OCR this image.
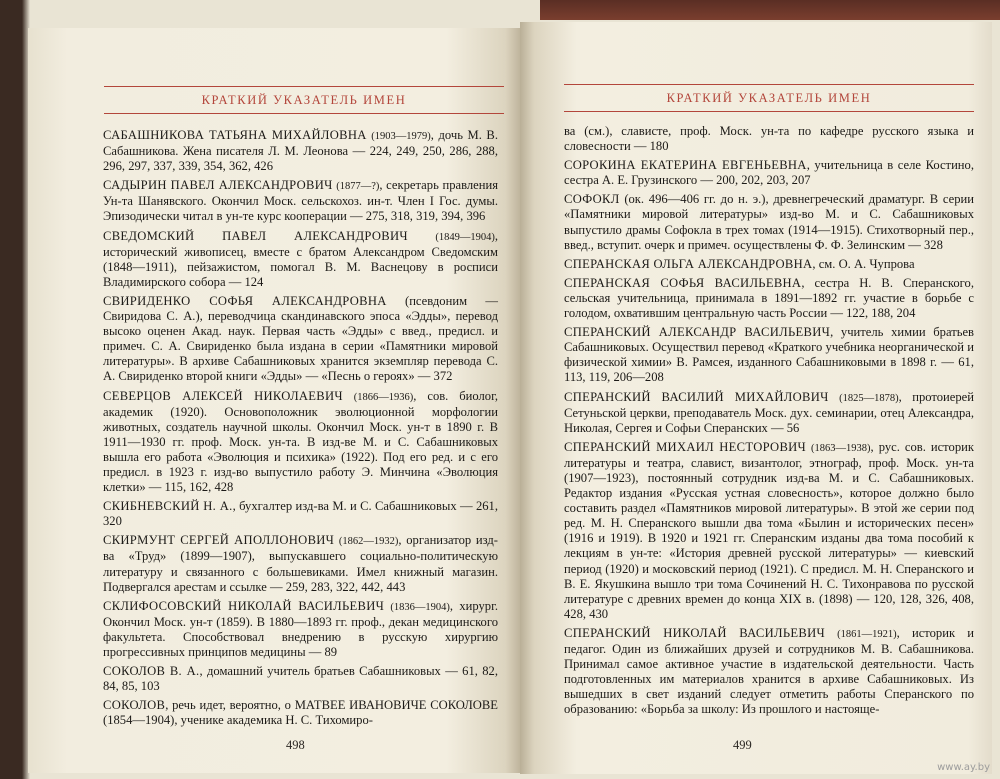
КРАТКИЙ УКАЗАТЕЛЬ ИМЕН

САБАШНИКОВА ТАТЬЯНА МИХАЙЛОВНА (1903—1979), дочь М. В. Сабашникова. Жена писателя Л. М. Леонова — 224, 249, 250, 286, 288, 296, 297, 337, 339, 354, 362, 426

САДЫРИН ПАВЕЛ АЛЕКСАНДРОВИЧ (1877—?), секретарь правления Ун-та Шанявского. Окончил Моск. сельскохоз. ин-т. Член I Гос. думы. Эпизодически читал в ун-те курс кооперации — 275, 318, 319, 394, 396

СВЕДОМСКИЙ ПАВЕЛ АЛЕКСАНДРОВИЧ	(1849—1904), исторический живописец, вместе с братом Александром Сведомским (1848—1911), пейзажистом, помогал В. М. Васнецову в росписи Владимирского собора — 124

СВИРИДЕНКО СОФЬЯ АЛЕКСАНДРОВНА (псевдоним — Свиридова С. А.), переводчица скандинавского эпоса «Эдды», перевод высоко оценен Акад. наук. Первая часть «Эдды» с введ., предисл. и примеч. С. А. Свириденко была издана в серии «Памятники мировой литературы». В архиве Сабашниковых хранится экземпляр перевода С. А. Свириденко второй книги «Эдды» — «Песнь о героях» — 372

СЕВЕРЦОВ АЛЕКСЕЙ НИКОЛАЕВИЧ (1866—1936), сов. биолог, академик (1920). Основоположник эволюционной морфологии животных, создатель научной школы. Окончил Моск. ун-т в 1890 г. В 1911—1930 гг. проф. Моск. ун-та. В изд-ве М. и С. Сабашниковых вышла его работа «Эволюция и психика» (1922). Под его ред. и с его предисл. в 1923 г. изд-во выпустило работу Э. Минчина «Эволюция клетки» — 115, 162, 428

СКИБНЕВСКИЙ Н. А., бухгалтер изд-ва М. и С. Сабашниковых — 261, 320

СКИРМУНТ СЕРГЕЙ АПОЛЛОНОВИЧ (1862—1932), организатор изд-ва «Труд» (1899—1907), выпускавшего социально-политическую литературу и связанного с большевиками. Имел книжный магазин. Подвергался арестам и ссылке — 259, 283, 322, 442, 443

СКЛИФОСОВСКИЙ НИКОЛАЙ ВАСИЛЬЕВИЧ (1836—1904), хирург. Окончил Моск. ун-т (1859). В 1880—1893 гг. проф., декан медицинского факультета. Способствовал внедрению в русскую хирургию прогрессивных принципов медицины — 89

СОКОЛОВ В. А., домашний учитель братьев Сабашниковых — 61, 82, 84, 85, 103

СОКОЛОВ, речь идет, вероятно, о МАТВЕЕ ИВАНОВИЧЕ СОКОЛОВЕ (1854—1904), ученике академика Н. С. Тихомиро-

498
КРАТКИЙ УКАЗАТЕЛЬ ИМЕН

ва (см.), слависте, проф. Моск. ун-та по кафедре русского языка и словесности — 180

СОРОКИНА ЕКАТЕРИНА ЕВГЕНЬЕВНА, учительница в селе Костино, сестра А. Е. Грузинского — 200, 202, 203, 207

СОФОКЛ (ок. 496—406 гг. до н. э.), древнегреческий драматург. В серии «Памятники мировой литературы» изд-во М. и С. Сабашниковых выпустило драмы Софокла в трех томах (1914—1915). Стихотворный пер., введ., вступит. очерк и примеч. осуществлены Ф. Ф. Зелинским — 328

СПЕРАНСКАЯ ОЛЬГА АЛЕКСАНДРОВНА, см. О. А. Чупрова

СПЕРАНСКАЯ СОФЬЯ ВАСИЛЬЕВНА, сестра Н. В. Сперанского, сельская учительница, принимала в 1891—1892 гг. участие в борьбе с голодом, охватившим центральную часть России — 122, 188, 204

СПЕРАНСКИЙ АЛЕКСАНДР ВАСИЛЬЕВИЧ, учитель химии братьев Сабашниковых. Осуществил перевод «Краткого учебника неорганической и физической химии» В. Рамсея, изданного Сабашниковыми в 1898 г. — 61, 113, 119, 206—208

СПЕРАНСКИЙ ВАСИЛИЙ МИХАЙЛОВИЧ (1825—1878), протоиерей Сетуньской церкви, преподаватель Моск. дух. семинарии, отец Александра, Николая, Сергея и Софьи Сперанских — 56

СПЕРАНСКИЙ МИХАИЛ НЕСТОРОВИЧ (1863—1938), рус. сов. историк литературы и театра, славист, византолог, этнограф, проф. Моск. ун-та (1907—1923), постоянный сотрудник изд-ва М. и С. Сабашниковых. Редактор издания «Русская устная словесность», которое должно было составить раздел «Памятников мировой литературы». В этой же серии под ред. М. Н. Сперанского вышли два тома «Былин и исторических песен» (1916 и 1919). В 1920 и 1921 гг. Сперанским изданы два тома пособий к лекциям в ун-те: «История древней русской литературы» — киевский период (1920) и московский период (1921). С предисл. М. Н. Сперанского и В. Е. Якушкина вышло три тома Сочинений Н. С. Тихонравова по русской литературе с древних времен до конца XIX в. (1898) — 120, 128, 326, 408, 428, 430

СПЕРАНСКИЙ НИКОЛАЙ ВАСИЛЬЕВИЧ (1861—1921), историк и педагог. Один из ближайших друзей и сотрудников М. В. Сабашникова. Принимал самое активное участие в издательской деятельности. Часть подготовленных им материалов хранится в архиве Сабашниковых. Из вышедших в свет изданий следует отметить работы Сперанского по образованию: «Борьба за школу: Из прошлого и настояще-

499
www.ay.by
